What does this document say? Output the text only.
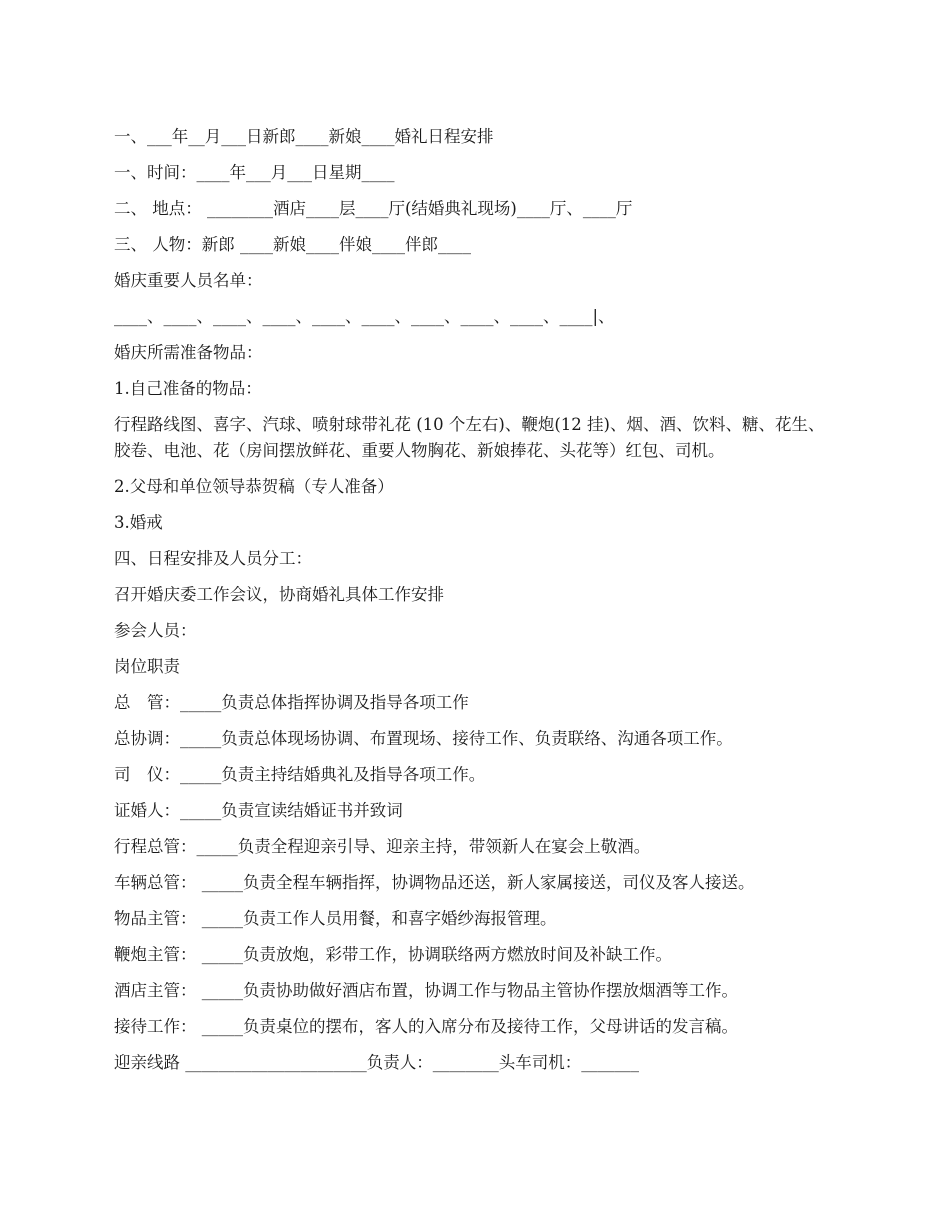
一、___年__月___日新郎____新娘____婚礼日程安排
一、时间：____年___月___日星期____
二、 地点： ________酒店____层____厅(结婚典礼现场)____厅、____厅
三、 人物：新郎 ____新娘____伴娘____伴郎____
婚庆重要人员名单：
____、____、____、____、____、____、____、____、____、____|、
婚庆所需准备物品：
1.自己准备的物品：
行程路线图、喜字、汽球、喷射球带礼花 (10 个左右)、鞭炮(12 挂)、烟、酒、饮料、糖、花生、胶卷、电池、花（房间摆放鲜花、重要人物胸花、新娘捧花、头花等）红包、司机。
2.父母和单位领导恭贺稿（专人准备）
3.婚戒
四、日程安排及人员分工：
召开婚庆委工作会议，协商婚礼具体工作安排
参会人员：
岗位职责
总　管：_____负责总体指挥协调及指导各项工作
总协调：_____负责总体现场协调、布置现场、接待工作、负责联络、沟通各项工作。
司　仪：_____负责主持结婚典礼及指导各项工作。
证婚人：_____负责宣读结婚证书并致词
行程总管：_____负责全程迎亲引导、迎亲主持，带领新人在宴会上敬酒。
车辆总管： _____负责全程车辆指挥，协调物品还送，新人家属接送，司仪及客人接送。
物品主管： _____负责工作人员用餐，和喜字婚纱海报管理。
鞭炮主管： _____负责放炮，彩带工作，协调联络两方燃放时间及补缺工作。
酒店主管： _____负责协助做好酒店布置，协调工作与物品主管协作摆放烟酒等工作。
接待工作： _____负责桌位的摆布，客人的入席分布及接待工作，父母讲话的发言稿。
迎亲线路 ______________________负责人：________头车司机：_______
